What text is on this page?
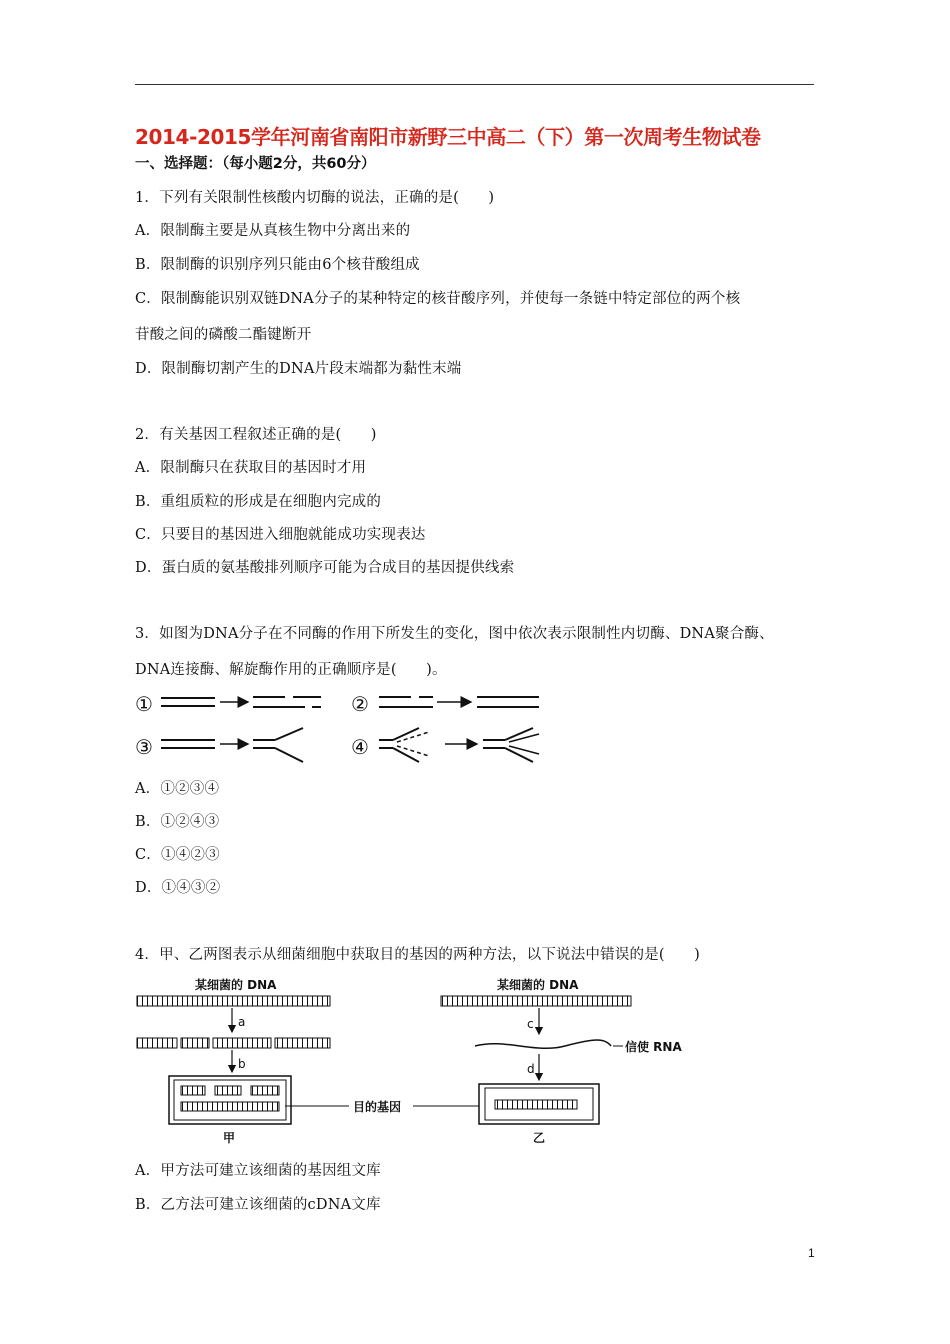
2014-2015学年河南省南阳市新野三中高二（下）第一次周考生物试卷
一、选择题：（每小题2分，共60分）
1．下列有关限制性核酸内切酶的说法，正确的是(　　)
A．限制酶主要是从真核生物中分离出来的
B．限制酶的识别序列只能由6个核苷酸组成
C．限制酶能识别双链DNA分子的某种特定的核苷酸序列，并使每一条链中特定部位的两个核
苷酸之间的磷酸二酯键断开
D．限制酶切割产生的DNA片段末端都为黏性末端
2．有关基因工程叙述正确的是(　　)
A．限制酶只在获取目的基因时才用
B．重组质粒的形成是在细胞内完成的
C．只要目的基因进入细胞就能成功实现表达
D．蛋白质的氨基酸排列顺序可能为合成目的基因提供线索
3．如图为DNA分子在不同酶的作用下所发生的变化，图中依次表示限制性内切酶、DNA聚合酶、
DNA连接酶、解旋酶作用的正确顺序是(　　)。
①	②
③	④
A．①②③④
B．①②④③
C．①④②③
D．①④③②
4．甲、乙两图表示从细菌细胞中获取目的基因的两种方法，以下说法中错误的是(　　)
某细菌的 DNA
a
b
甲
目的基因
某细菌的 DNA
c
信使 RNA
d
乙
A．甲方法可建立该细菌的基因组文库
B．乙方法可建立该细菌的cDNA文库
1
